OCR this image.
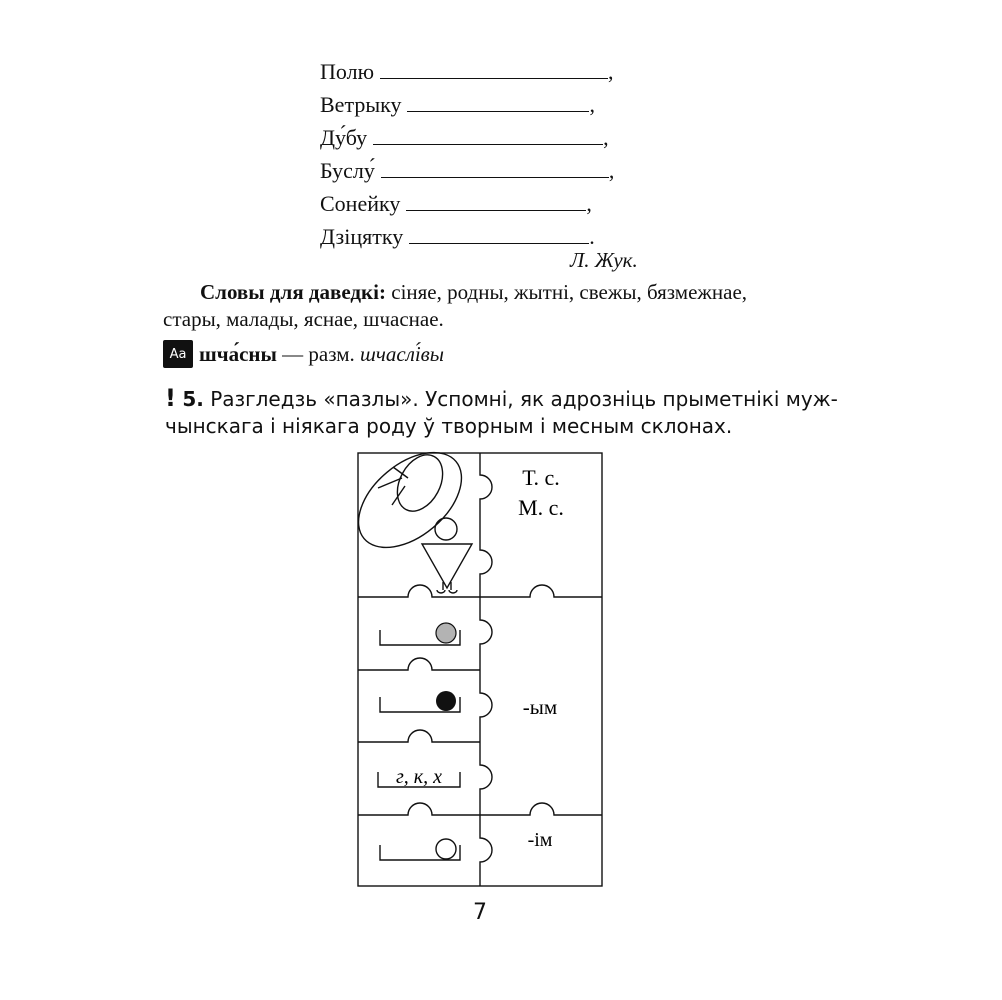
Полю	,
Ветрыку	,
Ду́бу	,
Буслу́	,
Сонейку	,
Дзіцятку	.
Л. Жук.
Словы для даведкі: сіняе, родны, жытні, свежы, бязмежнае,
стары, малады, яснае, шчаснае.
Aa шча́сны
—
разм.
шчаслі́вы
! 5. Разгледзь «пазлы». Успомні, як адрозніць прыметнікі муж-
чынскага і ніякага роду ў творным і месным склонах.
Т. с.
М. с.
-ым
г, к, х
-ім
7
